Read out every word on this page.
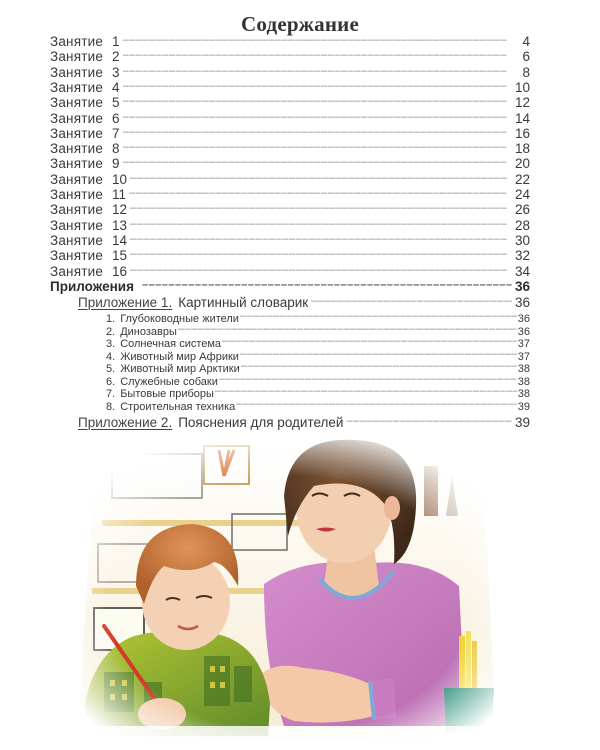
Содержание
Занятие 1 –––––	4
Занятие 2 –––––	6
Занятие 3 –––––	8
Занятие 4 –––––	10
Занятие 5 –––––	12
Занятие 6 –––––	14
Занятие 7 –––––	16
Занятие 8 –––––	18
Занятие 9 –––––	20
Занятие 10 –––––	22
Занятие 11 –––––	24
Занятие 12 –––––	26
Занятие 13 –––––	28
Занятие 14 –––––	30
Занятие 15 –––––	32
Занятие 16 –––––	34
Приложения –––––	36
Приложение 1. Картинный словарик –––––	36
1. Глубоководные жители –––––	36
2. Динозавры –––––	36
3. Солнечная система –––––	37
4. Животный мир Африки –––––	37
5. Животный мир Арктики –––––	38
6. Служебные собаки –––––	38
7. Бытовые приборы –––––	38
8. Строительная техника –––––	39
Приложение 2. Пояснения для родителей –––––	39
